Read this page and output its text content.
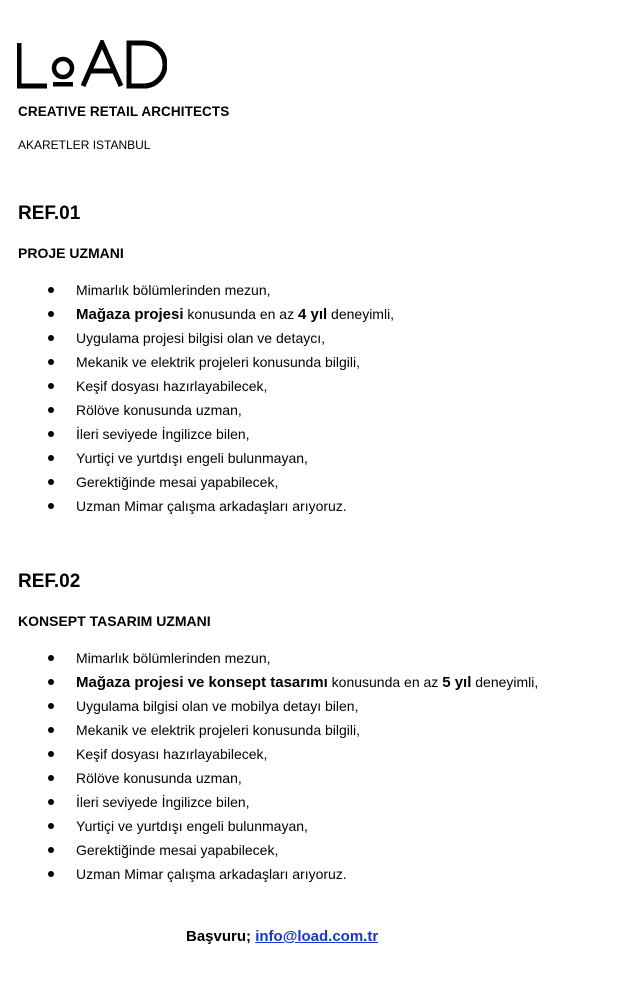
CREATIVE RETAIL ARCHITECTS
AKARETLER ISTANBUL
REF.01
PROJE UZMANI
Mimarlık bölümlerinden mezun,
Mağaza projesi konusunda en az 4 yıl deneyimli,
Uygulama projesi bilgisi olan ve detaycı,
Mekanik ve elektrik projeleri konusunda bilgili,
Keşif dosyası hazırlayabilecek,
Rölöve konusunda uzman,
İleri seviyede İngilizce bilen,
Yurtiçi ve yurtdışı engeli bulunmayan,
Gerektiğinde mesai yapabilecek,
Uzman Mimar çalışma arkadaşları arıyoruz.
REF.02
KONSEPT TASARIM UZMANI
Mimarlık bölümlerinden mezun,
Mağaza projesi ve konsept tasarımı konusunda en az 5 yıl deneyimli,
Uygulama bilgisi olan ve mobilya detayı bilen,
Mekanik ve elektrik projeleri konusunda bilgili,
Keşif dosyası hazırlayabilecek,
Rölöve konusunda uzman,
İleri seviyede İngilizce bilen,
Yurtiçi ve yurtdışı engeli bulunmayan,
Gerektiğinde mesai yapabilecek,
Uzman Mimar çalışma arkadaşları arıyoruz.
Başvuru; info@load.com.tr
